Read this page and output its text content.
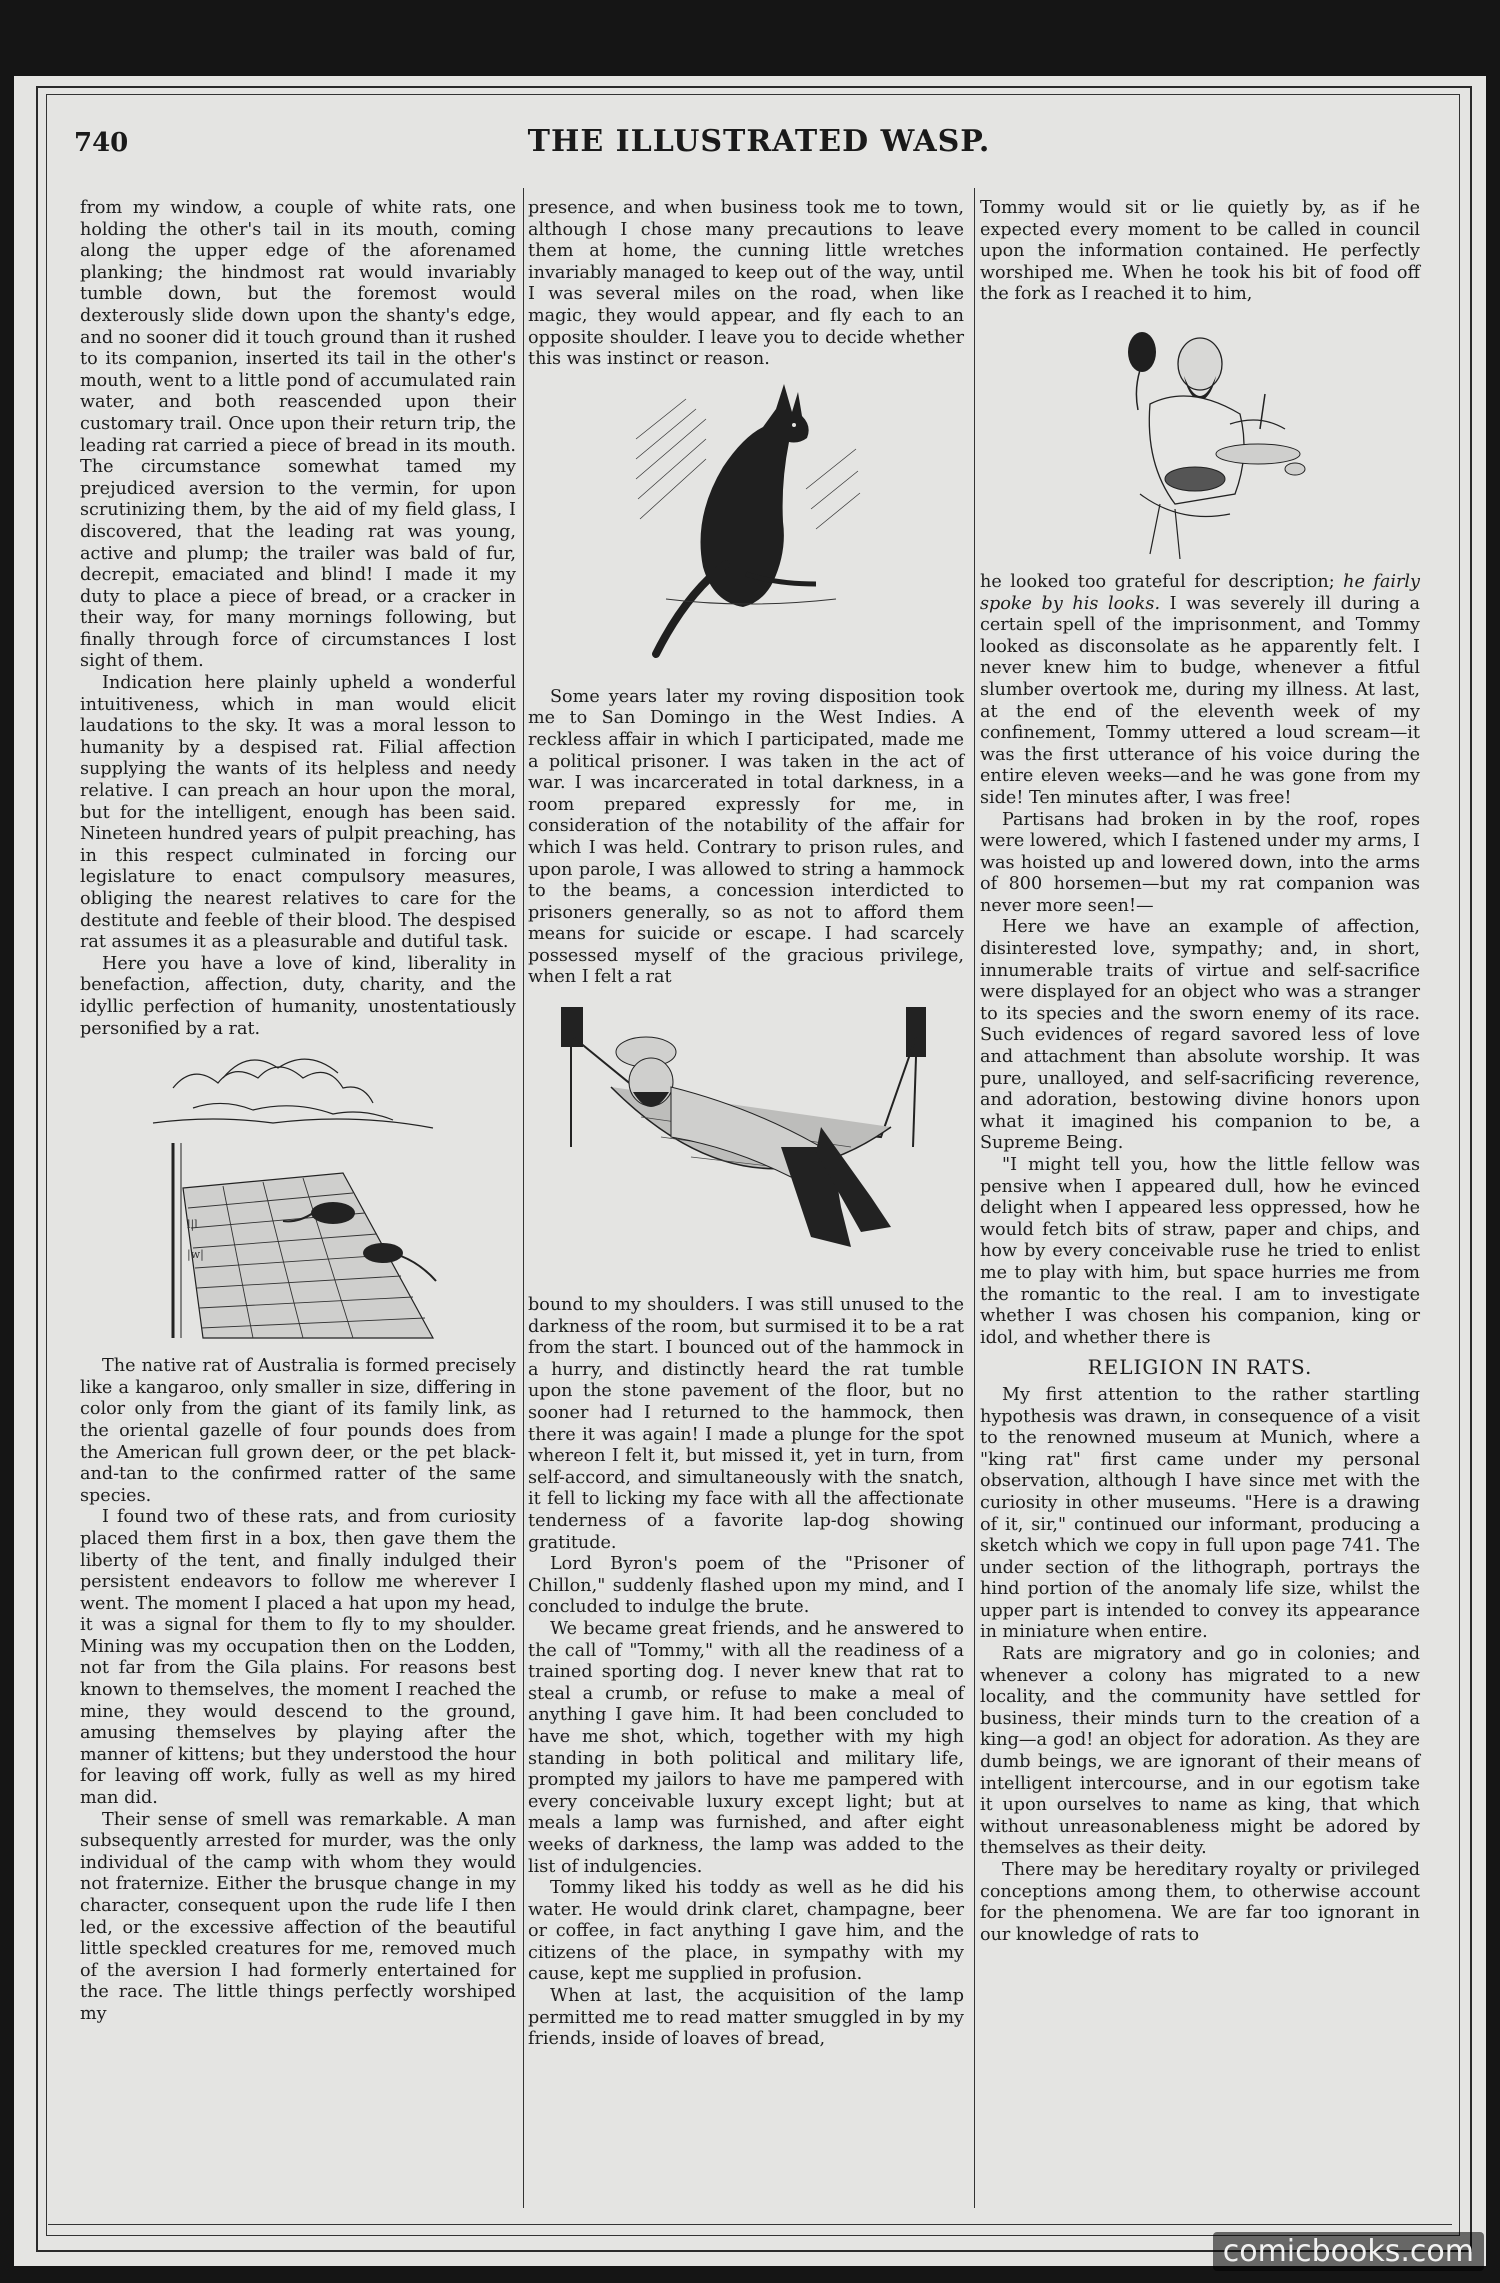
740	THE ILLUSTRATED WASP.

from my window, a couple of white rats, one holding the other's tail in its mouth, coming along the upper edge of the aforenamed planking; the hindmost rat would invariably tumble down, but the foremost would dexterously slide down upon the shanty's edge, and no sooner did it touch ground than it rushed to its companion, inserted its tail in the other's mouth, went to a little pond of accumulated rain water, and both reascended upon their customary trail. Once upon their return trip, the leading rat carried a piece of bread in its mouth. The circumstance somewhat tamed my prejudiced aversion to the vermin, for upon scrutinizing them, by the aid of my field glass, I discovered, that the leading rat was young, active and plump; the trailer was bald of fur, decrepit, emaciated and blind! I made it my duty to place a piece of bread, or a cracker in their way, for many mornings following, but finally through force of circumstances I lost sight of them.

Indication here plainly upheld a wonderful intuitiveness, which in man would elicit laudations to the sky. It was a moral lesson to humanity by a despised rat. Filial affection supplying the wants of its helpless and needy relative. I can preach an hour upon the moral, but for the intelligent, enough has been said. Nineteen hundred years of pulpit preaching, has in this respect culminated in forcing our legislature to enact compulsory measures, obliging the nearest relatives to care for the destitute and feeble of their blood. The despised rat assumes it as a pleasurable and dutiful task.

Here you have a love of kind, liberality in benefaction, affection, duty, charity, and the idyllic perfection of humanity, unostentatiously personified by a rat.

l|l
|w|

The native rat of Australia is formed precisely like a kangaroo, only smaller in size, differing in color only from the giant of its family link, as the oriental gazelle of four pounds does from the American full grown deer, or the pet black-and-tan to the confirmed ratter of the same species.

I found two of these rats, and from curiosity placed them first in a box, then gave them the liberty of the tent, and finally indulged their persistent endeavors to follow me wherever I went. The moment I placed a hat upon my head, it was a signal for them to fly to my shoulder. Mining was my occupation then on the Lodden, not far from the Gila plains. For reasons best known to themselves, the moment I reached the mine, they would descend to the ground, amusing themselves by playing after the manner of kittens; but they understood the hour for leaving off work, fully as well as my hired man did.

Their sense of smell was remarkable. A man subsequently arrested for murder, was the only individual of the camp with whom they would not fraternize. Either the brusque change in my character, consequent upon the rude life I then led, or the excessive affection of the beautiful little speckled creatures for me, removed much of the aversion I had formerly entertained for the race. The little things perfectly worshiped my

presence, and when business took me to town, although I chose many precautions to leave them at home, the cunning little wretches invariably managed to keep out of the way, until I was several miles on the road, when like magic, they would appear, and fly each to an opposite shoulder. I leave you to decide whether this was instinct or reason.

Some years later my roving disposition took me to San Domingo in the West Indies. A reckless affair in which I participated, made me a political prisoner. I was taken in the act of war. I was incarcerated in total darkness, in a room prepared expressly for me, in consideration of the notability of the affair for which I was held. Contrary to prison rules, and upon parole, I was allowed to string a hammock to the beams, a concession interdicted to prisoners generally, so as not to afford them means for suicide or escape. I had scarcely possessed myself of the gracious privilege, when I felt a rat

bound to my shoulders. I was still unused to the darkness of the room, but surmised it to be a rat from the start. I bounced out of the hammock in a hurry, and distinctly heard the rat tumble upon the stone pavement of the floor, but no sooner had I returned to the hammock, then there it was again! I made a plunge for the spot whereon I felt it, but missed it, yet in turn, from self-accord, and simultaneously with the snatch, it fell to licking my face with all the affectionate tenderness of a favorite lap-dog showing gratitude.

Lord Byron's poem of the "Prisoner of Chillon," suddenly flashed upon my mind, and I concluded to indulge the brute.

We became great friends, and he answered to the call of "Tommy," with all the readiness of a trained sporting dog. I never knew that rat to steal a crumb, or refuse to make a meal of anything I gave him. It had been concluded to have me shot, which, together with my high standing in both political and military life, prompted my jailors to have me pampered with every conceivable luxury except light; but at meals a lamp was furnished, and after eight weeks of darkness, the lamp was added to the list of indulgencies.

Tommy liked his toddy as well as he did his water. He would drink claret, champagne, beer or coffee, in fact anything I gave him, and the citizens of the place, in sympathy with my cause, kept me supplied in profusion.

When at last, the acquisition of the lamp permitted me to read matter smuggled in by my friends, inside of loaves of bread,

Tommy would sit or lie quietly by, as if he expected every moment to be called in council upon the information contained. He perfectly worshiped me. When he took his bit of food off the fork as I reached it to him,

he looked too grateful for description; he fairly spoke by his looks. I was severely ill during a certain spell of the imprisonment, and Tommy looked as disconsolate as he apparently felt. I never knew him to budge, whenever a fitful slumber overtook me, during my illness. At last, at the end of the eleventh week of my confinement, Tommy uttered a loud scream—it was the first utterance of his voice during the entire eleven weeks—and he was gone from my side! Ten minutes after, I was free!

Partisans had broken in by the roof, ropes were lowered, which I fastened under my arms, I was hoisted up and lowered down, into the arms of 800 horsemen—but my rat companion was never more seen!—

Here we have an example of affection, disinterested love, sympathy; and, in short, innumerable traits of virtue and self-sacrifice were displayed for an object who was a stranger to its species and the sworn enemy of its race. Such evidences of regard savored less of love and attachment than absolute worship. It was pure, unalloyed, and self-sacrificing reverence, and adoration, bestowing divine honors upon what it imagined his companion to be, a Supreme Being.

"I might tell you, how the little fellow was pensive when I appeared dull, how he evinced delight when I appeared less oppressed, how he would fetch bits of straw, paper and chips, and how by every conceivable ruse he tried to enlist me to play with him, but space hurries me from the romantic to the real. I am to investigate whether I was chosen his companion, king or idol, and whether there is

RELIGION IN RATS.

My first attention to the rather startling hypothesis was drawn, in consequence of a visit to the renowned museum at Munich, where a "king rat" first came under my personal observation, although I have since met with the curiosity in other museums. "Here is a drawing of it, sir," continued our informant, producing a sketch which we copy in full upon page 741. The under section of the lithograph, portrays the hind portion of the anomaly life size, whilst the upper part is intended to convey its appearance in miniature when entire.

Rats are migratory and go in colonies; and whenever a colony has migrated to a new locality, and the community have settled for business, their minds turn to the creation of a king—a god! an object for adoration. As they are dumb beings, we are ignorant of their means of intelligent intercourse, and in our egotism take it upon ourselves to name as king, that which without unreasonableness might be adored by themselves as their deity.

There may be hereditary royalty or privileged conceptions among them, to otherwise account for the phenomena. We are far too ignorant in our knowledge of rats to

comicbooks.com
